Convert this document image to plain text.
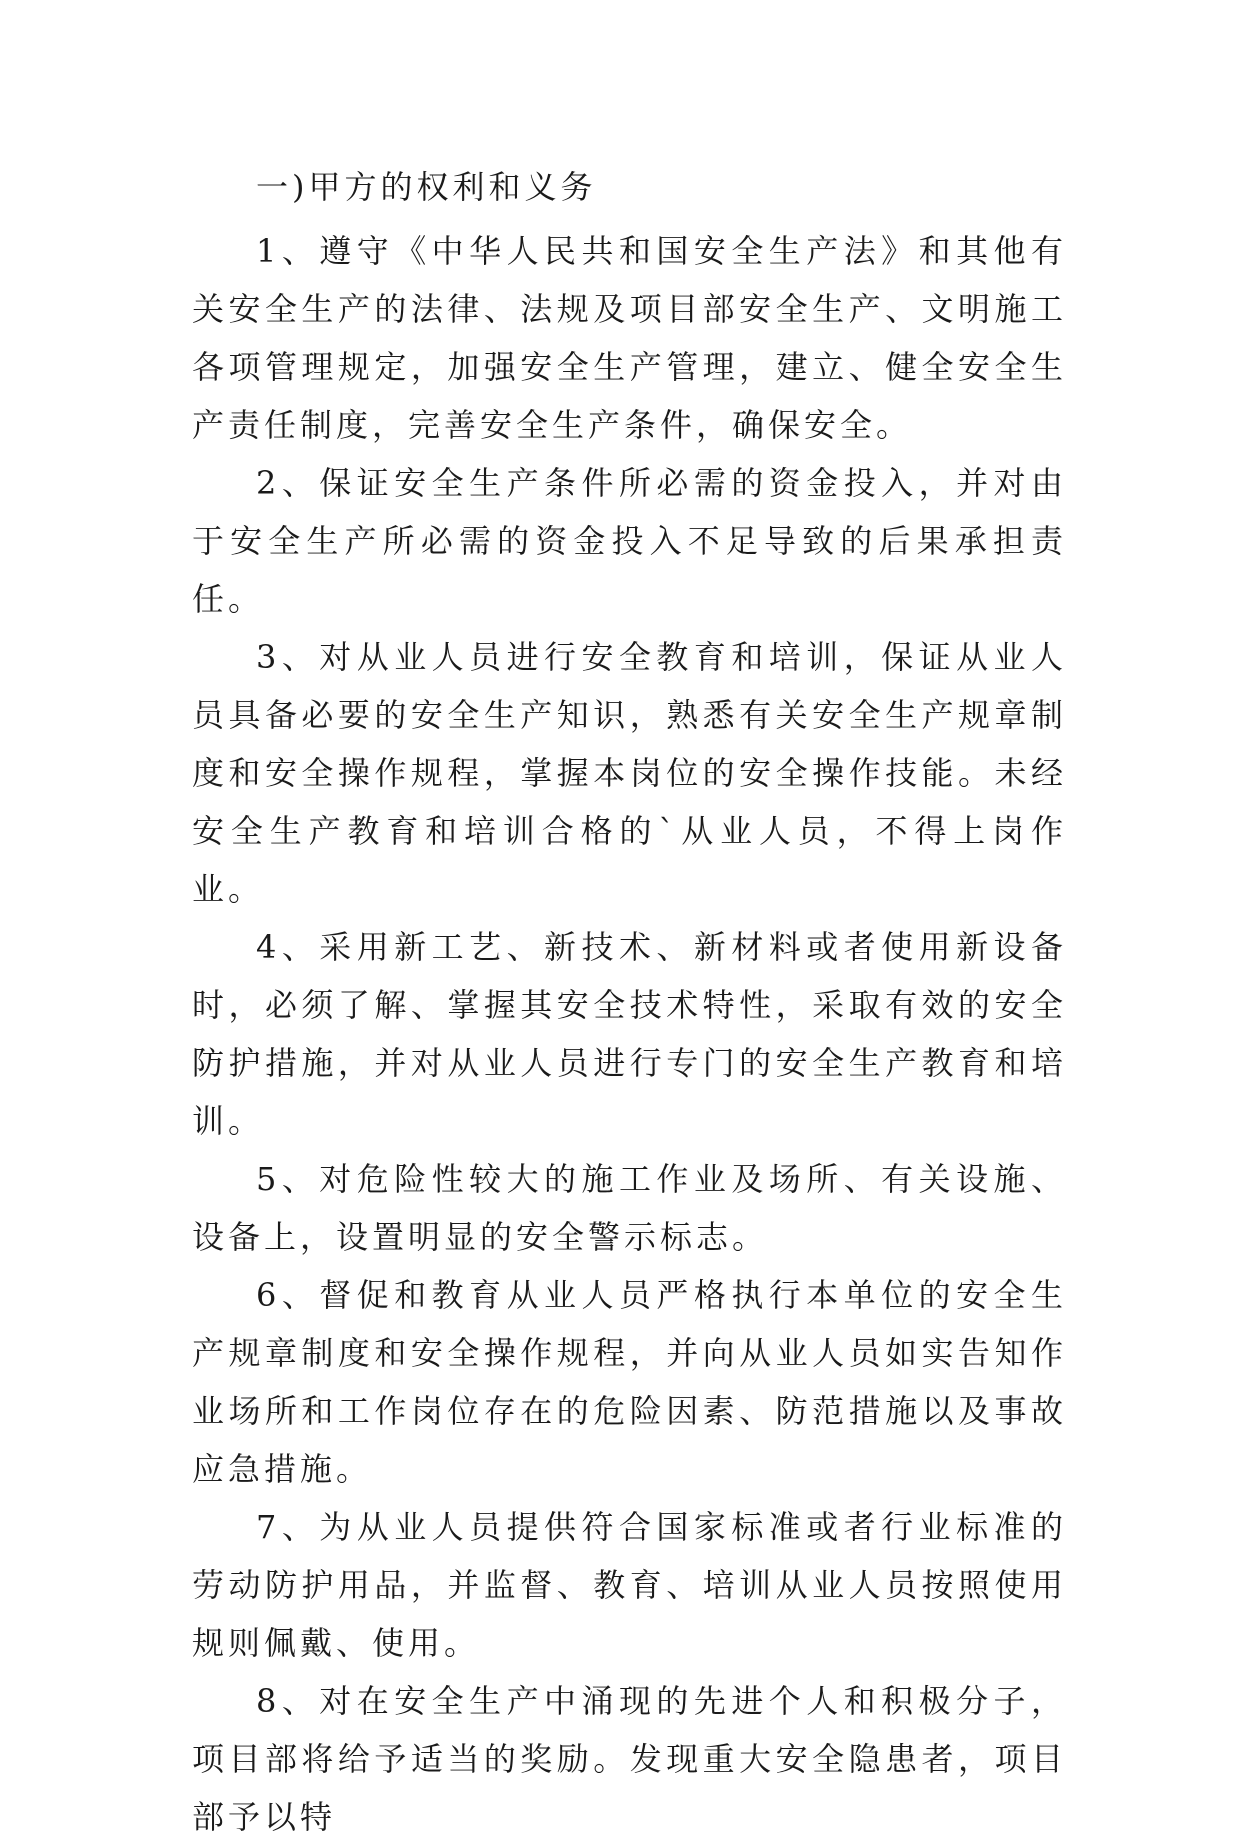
一)甲方的权利和义务

1、遵守《中华人民共和国安全生产法》和其他有关安全生产的法律、法规及项目部安全生产、文明施工各项管理规定，加强安全生产管理，建立、健全安全生产责任制度，完善安全生产条件，确保安全。

2、保证安全生产条件所必需的资金投入，并对由于安全生产所必需的资金投入不足导致的后果承担责任。

3、对从业人员进行安全教育和培训，保证从业人员具备必要的安全生产知识，熟悉有关安全生产规章制度和安全操作规程，掌握本岗位的安全操作技能。未经安全生产教育和培训合格的`从业人员，不得上岗作业。

4、采用新工艺、新技术、新材料或者使用新设备时，必须了解、掌握其安全技术特性，采取有效的安全防护措施，并对从业人员进行专门的安全生产教育和培训。

5、对危险性较大的施工作业及场所、有关设施、设备上，设置明显的安全警示标志。

6、督促和教育从业人员严格执行本单位的安全生产规章制度和安全操作规程，并向从业人员如实告知作业场所和工作岗位存在的危险因素、防范措施以及事故应急措施。

7、为从业人员提供符合国家标准或者行业标准的劳动防护用品，并监督、教育、培训从业人员按照使用规则佩戴、使用。

8、对在安全生产中涌现的先进个人和积极分子，项目部将给予适当的奖励。发现重大安全隐患者，项目部予以特
